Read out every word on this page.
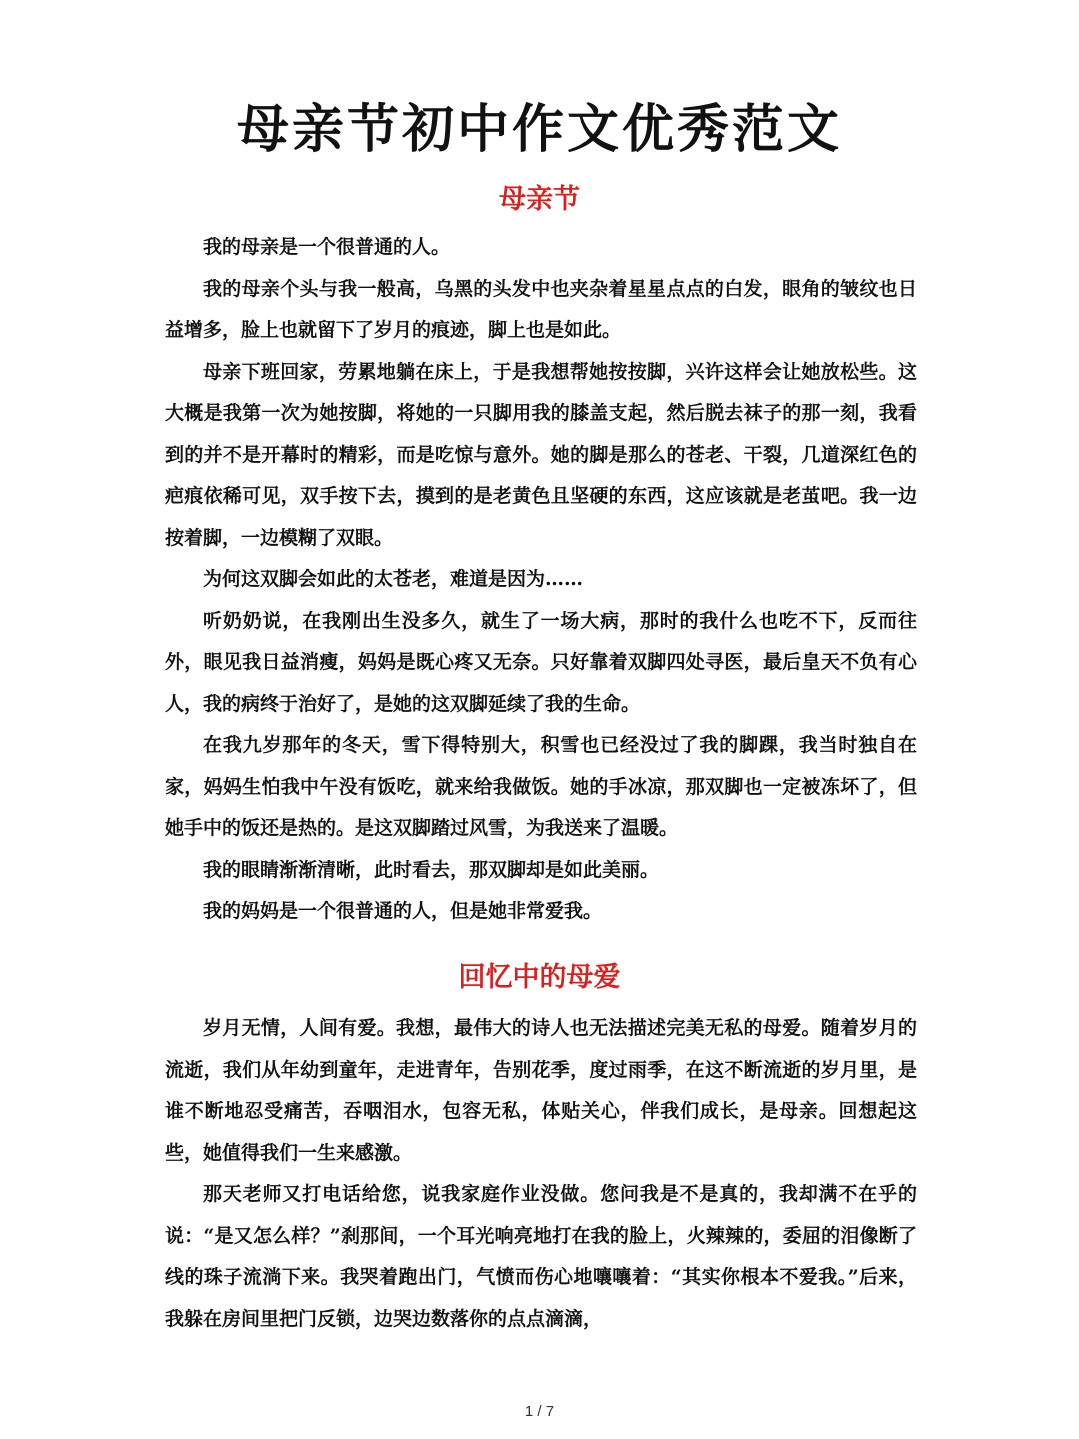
母亲节初中作文优秀范文
母亲节

我的母亲是一个很普通的人。

我的母亲个头与我一般高，乌黑的头发中也夹杂着星星点点的白发，眼角的皱纹也日益增多，脸上也就留下了岁月的痕迹，脚上也是如此。

母亲下班回家，劳累地躺在床上，于是我想帮她按按脚，兴许这样会让她放松些。这大概是我第一次为她按脚，将她的一只脚用我的膝盖支起，然后脱去袜子的那一刻，我看到的并不是开幕时的精彩，而是吃惊与意外。她的脚是那么的苍老、干裂，几道深红色的疤痕依稀可见，双手按下去，摸到的是老黄色且坚硬的东西，这应该就是老茧吧。我一边按着脚，一边模糊了双眼。

为何这双脚会如此的太苍老，难道是因为……

听奶奶说，在我刚出生没多久，就生了一场大病，那时的我什么也吃不下，反而往外，眼见我日益消瘦，妈妈是既心疼又无奈。只好靠着双脚四处寻医，最后皇天不负有心人，我的病终于治好了，是她的这双脚延续了我的生命。

在我九岁那年的冬天，雪下得特别大，积雪也已经没过了我的脚踝，我当时独自在家，妈妈生怕我中午没有饭吃，就来给我做饭。她的手冰凉，那双脚也一定被冻坏了，但她手中的饭还是热的。是这双脚踏过风雪，为我送来了温暖。

我的眼睛渐渐清晰，此时看去，那双脚却是如此美丽。

我的妈妈是一个很普通的人，但是她非常爱我。

回忆中的母爱

岁月无情，人间有爱。我想，最伟大的诗人也无法描述完美无私的母爱。随着岁月的流逝，我们从年幼到童年，走进青年，告别花季，度过雨季，在这不断流逝的岁月里，是谁不断地忍受痛苦，吞咽泪水，包容无私，体贴关心，伴我们成长，是母亲。回想起这些，她值得我们一生来感激。

那天老师又打电话给您，说我家庭作业没做。您问我是不是真的，我却满不在乎的说：“是又怎么样？”刹那间，一个耳光响亮地打在我的脸上，火辣辣的，委屈的泪像断了线的珠子流淌下来。我哭着跑出门，气愤而伤心地嚷嚷着：“其实你根本不爱我。”后来，我躲在房间里把门反锁，边哭边数落你的点点滴滴，

1 / 7
